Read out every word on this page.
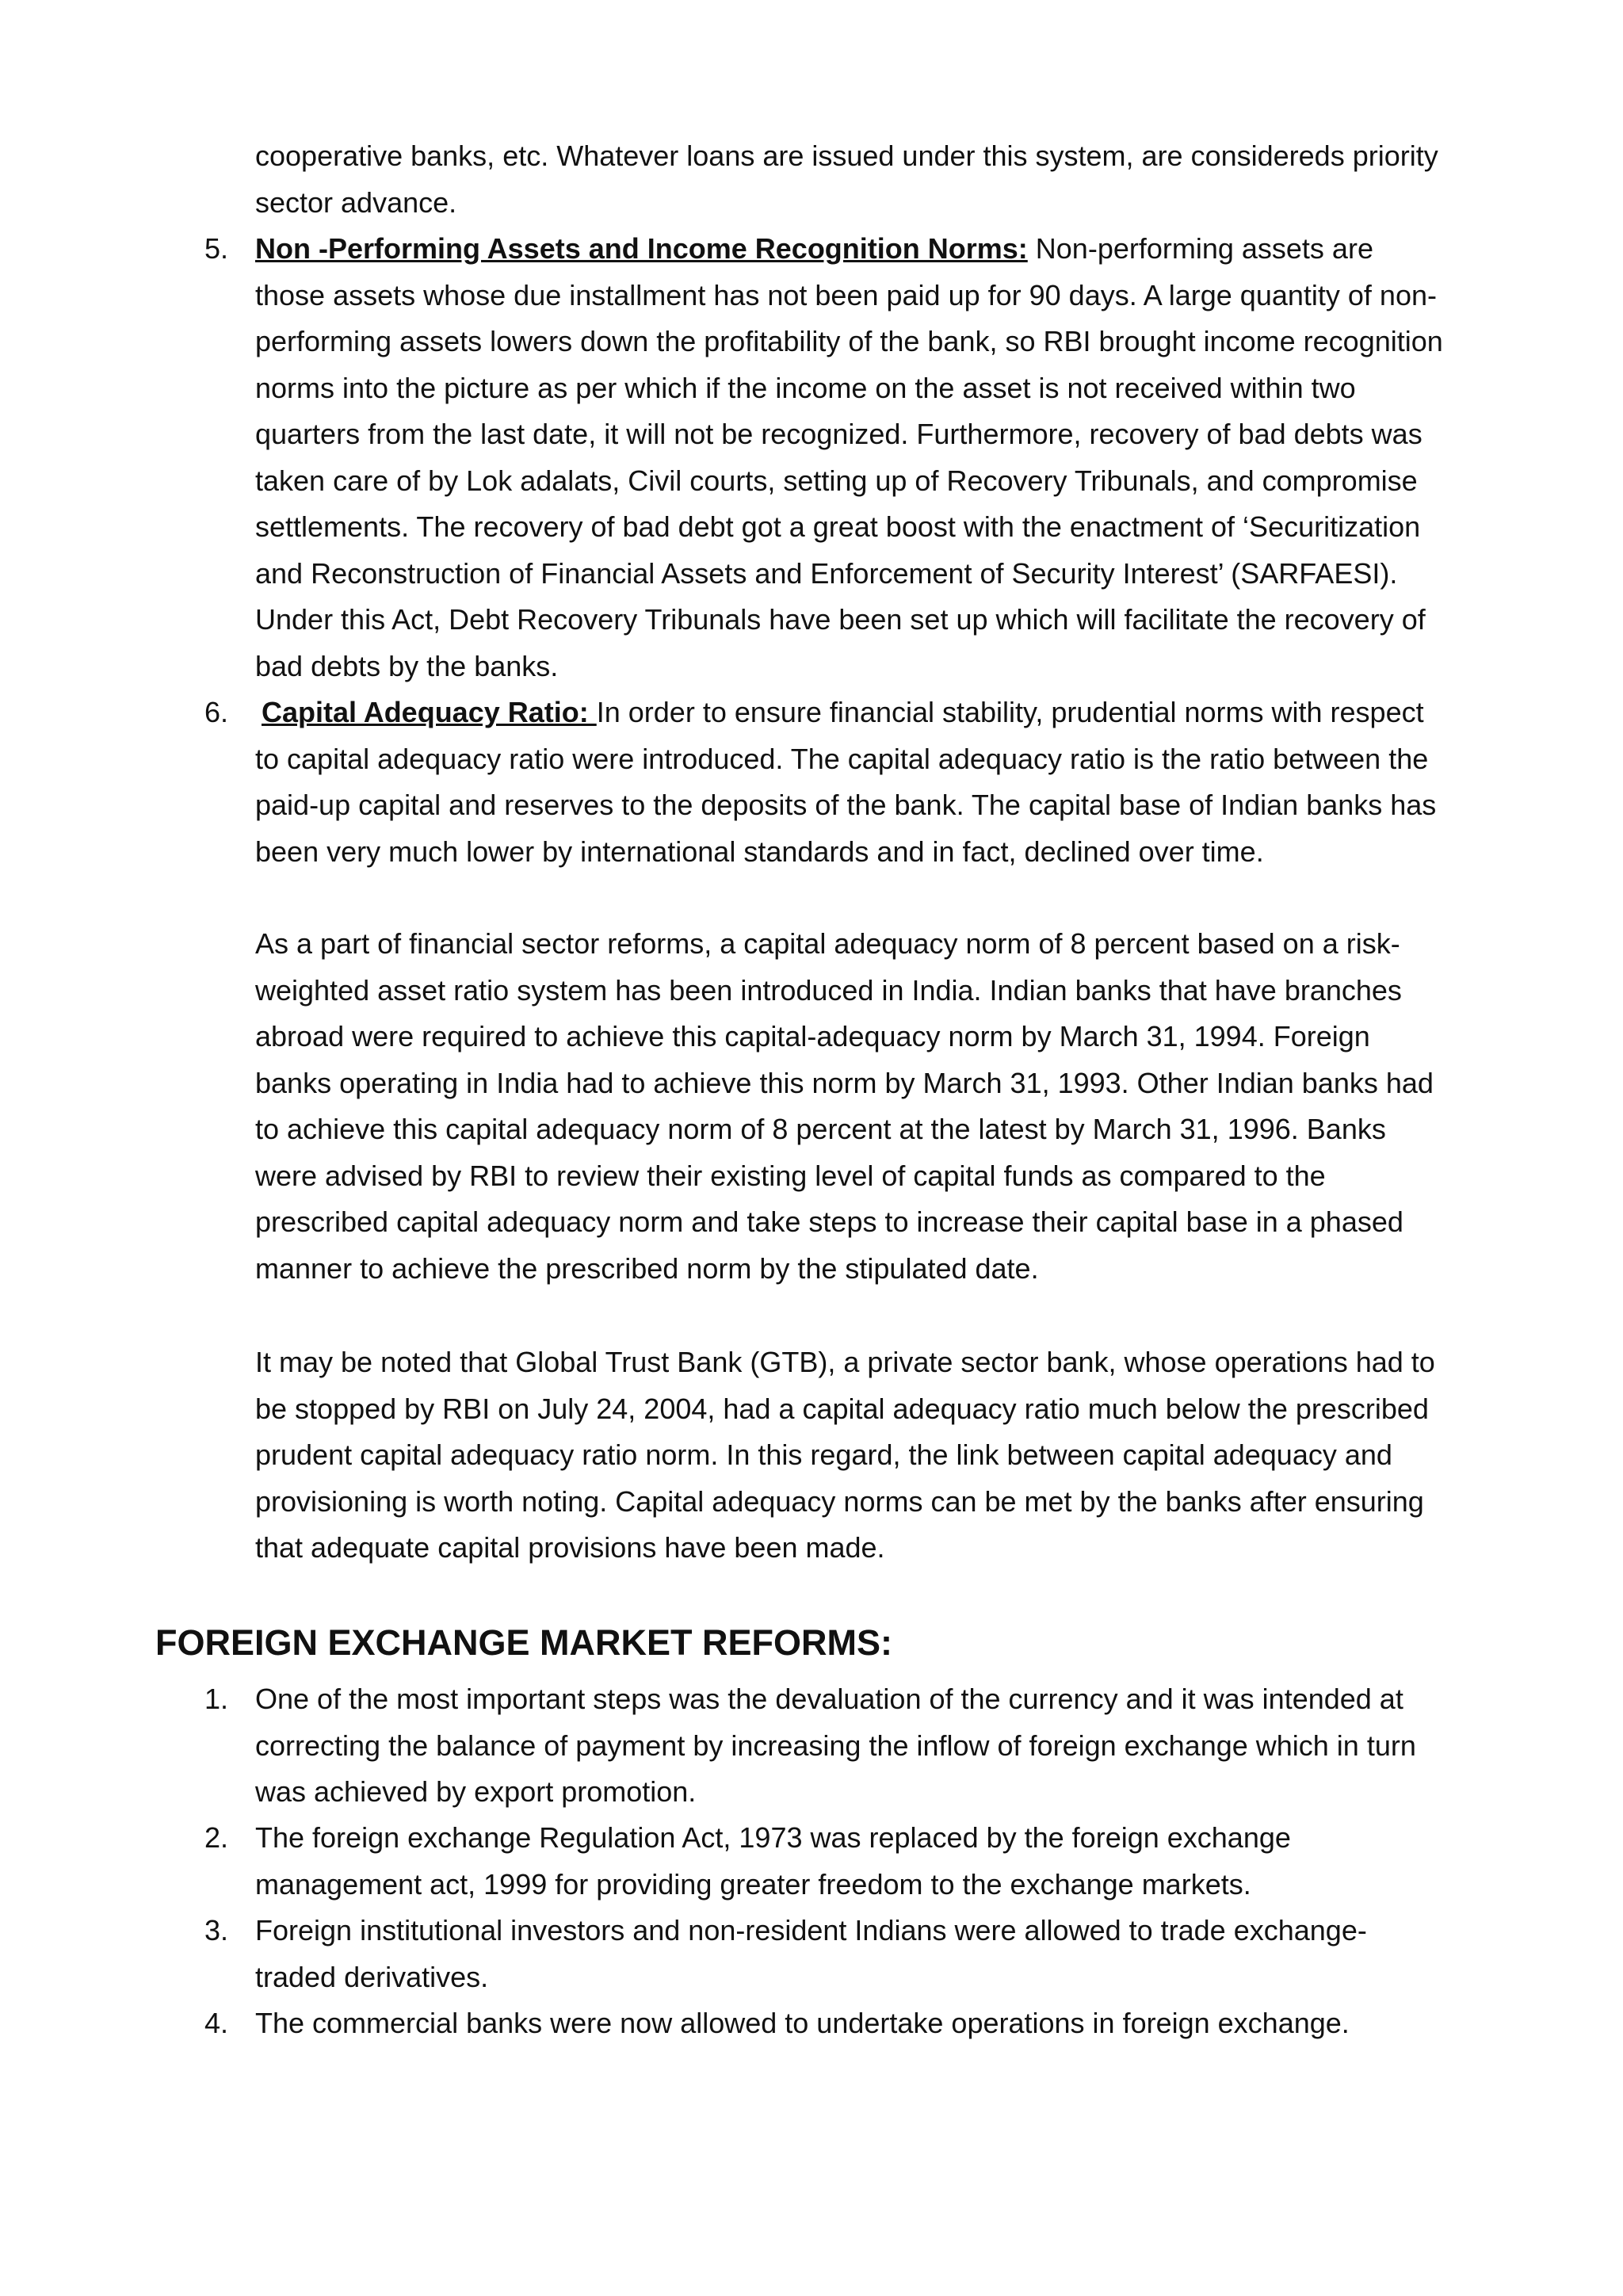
cooperative banks, etc. Whatever loans are issued under this system, are considereds priority sector advance.

5. Non -Performing Assets and Income Recognition Norms: Non-performing assets are those assets whose due installment has not been paid up for 90 days. A large quantity of non-performing assets lowers down the profitability of the bank, so RBI brought income recognition norms into the picture as per which if the income on the asset is not received within two quarters from the last date, it will not be recognized. Furthermore, recovery of bad debts was taken care of by Lok adalats, Civil courts, setting up of Recovery Tribunals, and compromise settlements. The recovery of bad debt got a great boost with the enactment of ‘Securitization and Reconstruction of Financial Assets and Enforcement of Security Interest’ (SARFAESI). Under this Act, Debt Recovery Tribunals have been set up which will facilitate the recovery of bad debts by the banks.

6.	Capital Adequacy Ratio: In order to ensure financial stability, prudential norms with respect to capital adequacy ratio were introduced. The capital adequacy ratio is the ratio between the paid-up capital and reserves to the deposits of the bank. The capital base of Indian banks has been very much lower by international standards and in fact, declined over time.

As a part of financial sector reforms, a capital adequacy norm of 8 percent based on a risk-weighted asset ratio system has been introduced in India. Indian banks that have branches abroad were required to achieve this capital-adequacy norm by March 31, 1994. Foreign banks operating in India had to achieve this norm by March 31, 1993. Other Indian banks had to achieve this capital adequacy norm of 8 percent at the latest by March 31, 1996. Banks were advised by RBI to review their existing level of capital funds as compared to the prescribed capital adequacy norm and take steps to increase their capital base in a phased manner to achieve the prescribed norm by the stipulated date.

It may be noted that Global Trust Bank (GTB), a private sector bank, whose operations had to be stopped by RBI on July 24, 2004, had a capital adequacy ratio much below the prescribed prudent capital adequacy ratio norm. In this regard, the link between capital adequacy and provisioning is worth noting. Capital adequacy norms can be met by the banks after ensuring that adequate capital provisions have been made.

FOREIGN EXCHANGE MARKET REFORMS:

1. One of the most important steps was the devaluation of the currency and it was intended at correcting the balance of payment by increasing the inflow of foreign exchange which in turn was achieved by export promotion.

2. The foreign exchange Regulation Act, 1973 was replaced by the foreign exchange management act, 1999 for providing greater freedom to the exchange markets.

3. Foreign institutional investors and non-resident Indians were allowed to trade exchange-traded derivatives.

4. The commercial banks were now allowed to undertake operations in foreign exchange.
